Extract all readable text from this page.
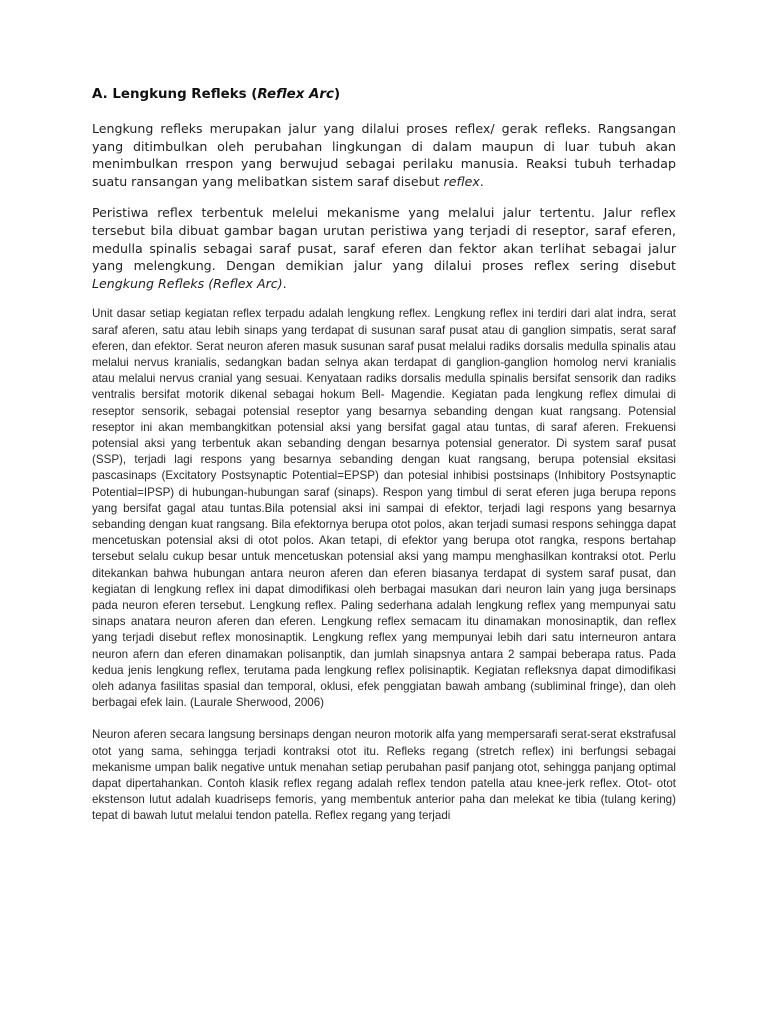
A. Lengkung Refleks (Reflex Arc)

Lengkung refleks merupakan jalur yang dilalui proses reflex/ gerak refleks. Rangsangan yang ditimbulkan oleh perubahan lingkungan di dalam maupun di luar tubuh akan menimbulkan rrespon yang berwujud sebagai perilaku manusia. Reaksi tubuh terhadap suatu ransangan yang melibatkan sistem saraf disebut reflex.

Peristiwa reflex terbentuk melelui mekanisme yang melalui jalur tertentu. Jalur reflex tersebut bila dibuat gambar bagan urutan peristiwa yang terjadi di reseptor, saraf eferen, medulla spinalis sebagai saraf pusat, saraf eferen dan fektor akan terlihat sebagai jalur yang melengkung. Dengan demikian jalur yang dilalui proses reflex sering disebut Lengkung Refleks (Reflex Arc).

Unit dasar setiap kegiatan reflex terpadu adalah lengkung reflex. Lengkung reflex ini terdiri dari alat indra, serat saraf aferen, satu atau lebih sinaps yang terdapat di susunan saraf pusat atau di ganglion simpatis, serat saraf eferen, dan efektor. Serat neuron aferen masuk susunan saraf pusat melalui radiks dorsalis medulla spinalis atau melalui nervus kranialis, sedangkan badan selnya akan terdapat di ganglion-ganglion homolog nervi kranialis atau melalui nervus cranial yang sesuai. Kenyataan radiks dorsalis medulla spinalis bersifat sensorik dan radiks ventralis bersifat motorik dikenal sebagai hokum Bell- Magendie. Kegiatan pada lengkung reflex dimulai di reseptor sensorik, sebagai potensial reseptor yang besarnya sebanding dengan kuat rangsang. Potensial reseptor ini akan membangkitkan potensial aksi yang bersifat gagal atau tuntas, di saraf aferen. Frekuensi potensial aksi yang terbentuk akan sebanding dengan besarnya potensial generator. Di system saraf pusat (SSP), terjadi lagi respons yang besarnya sebanding dengan kuat rangsang, berupa potensial eksitasi pascasinaps (Excitatory Postsynaptic Potential=EPSP) dan potesial inhibisi postsinaps (Inhibitory Postsynaptic Potential=IPSP) di hubungan-hubungan saraf (sinaps). Respon yang timbul di serat eferen juga berupa repons yang bersifat gagal atau tuntas.Bila potensial aksi ini sampai di efektor, terjadi lagi respons yang besarnya sebanding dengan kuat rangsang. Bila efektornya berupa otot polos, akan terjadi sumasi respons sehingga dapat mencetuskan potensial aksi di otot polos. Akan tetapi, di efektor yang berupa otot rangka, respons bertahap tersebut selalu cukup besar untuk mencetuskan potensial aksi yang mampu menghasilkan kontraksi otot. Perlu ditekankan bahwa hubungan antara neuron aferen dan eferen biasanya terdapat di system saraf pusat, dan kegiatan di lengkung reflex ini dapat dimodifikasi oleh berbagai masukan dari neuron lain yang juga bersinaps pada neuron eferen tersebut. Lengkung reflex. Paling sederhana adalah lengkung reflex yang mempunyai satu sinaps anatara neuron aferen dan eferen. Lengkung reflex semacam itu dinamakan monosinaptik, dan reflex yang terjadi disebut reflex monosinaptik. Lengkung reflex yang mempunyai lebih dari satu interneuron antara neuron afern dan eferen dinamakan polisanptik, dan jumlah sinapsnya antara 2 sampai beberapa ratus. Pada kedua jenis lengkung reflex, terutama pada lengkung reflex polisinaptik. Kegiatan refleksnya dapat dimodifikasi oleh adanya fasilitas spasial dan temporal, oklusi, efek penggiatan bawah ambang (subliminal fringe), dan oleh berbagai efek lain. (Laurale Sherwood, 2006)

Neuron aferen secara langsung bersinaps dengan neuron motorik alfa yang mempersarafi serat-serat ekstrafusal otot yang sama, sehingga terjadi kontraksi otot itu. Refleks regang (stretch reflex) ini berfungsi sebagai mekanisme umpan balik negative untuk menahan setiap perubahan pasif panjang otot, sehingga panjang optimal dapat dipertahankan. Contoh klasik reflex regang adalah reflex tendon patella atau knee-jerk reflex. Otot- otot ekstenson lutut adalah kuadriseps femoris, yang membentuk anterior paha dan melekat ke tibia (tulang kering) tepat di bawah lutut melalui tendon patella. Reflex regang yang terjadi
